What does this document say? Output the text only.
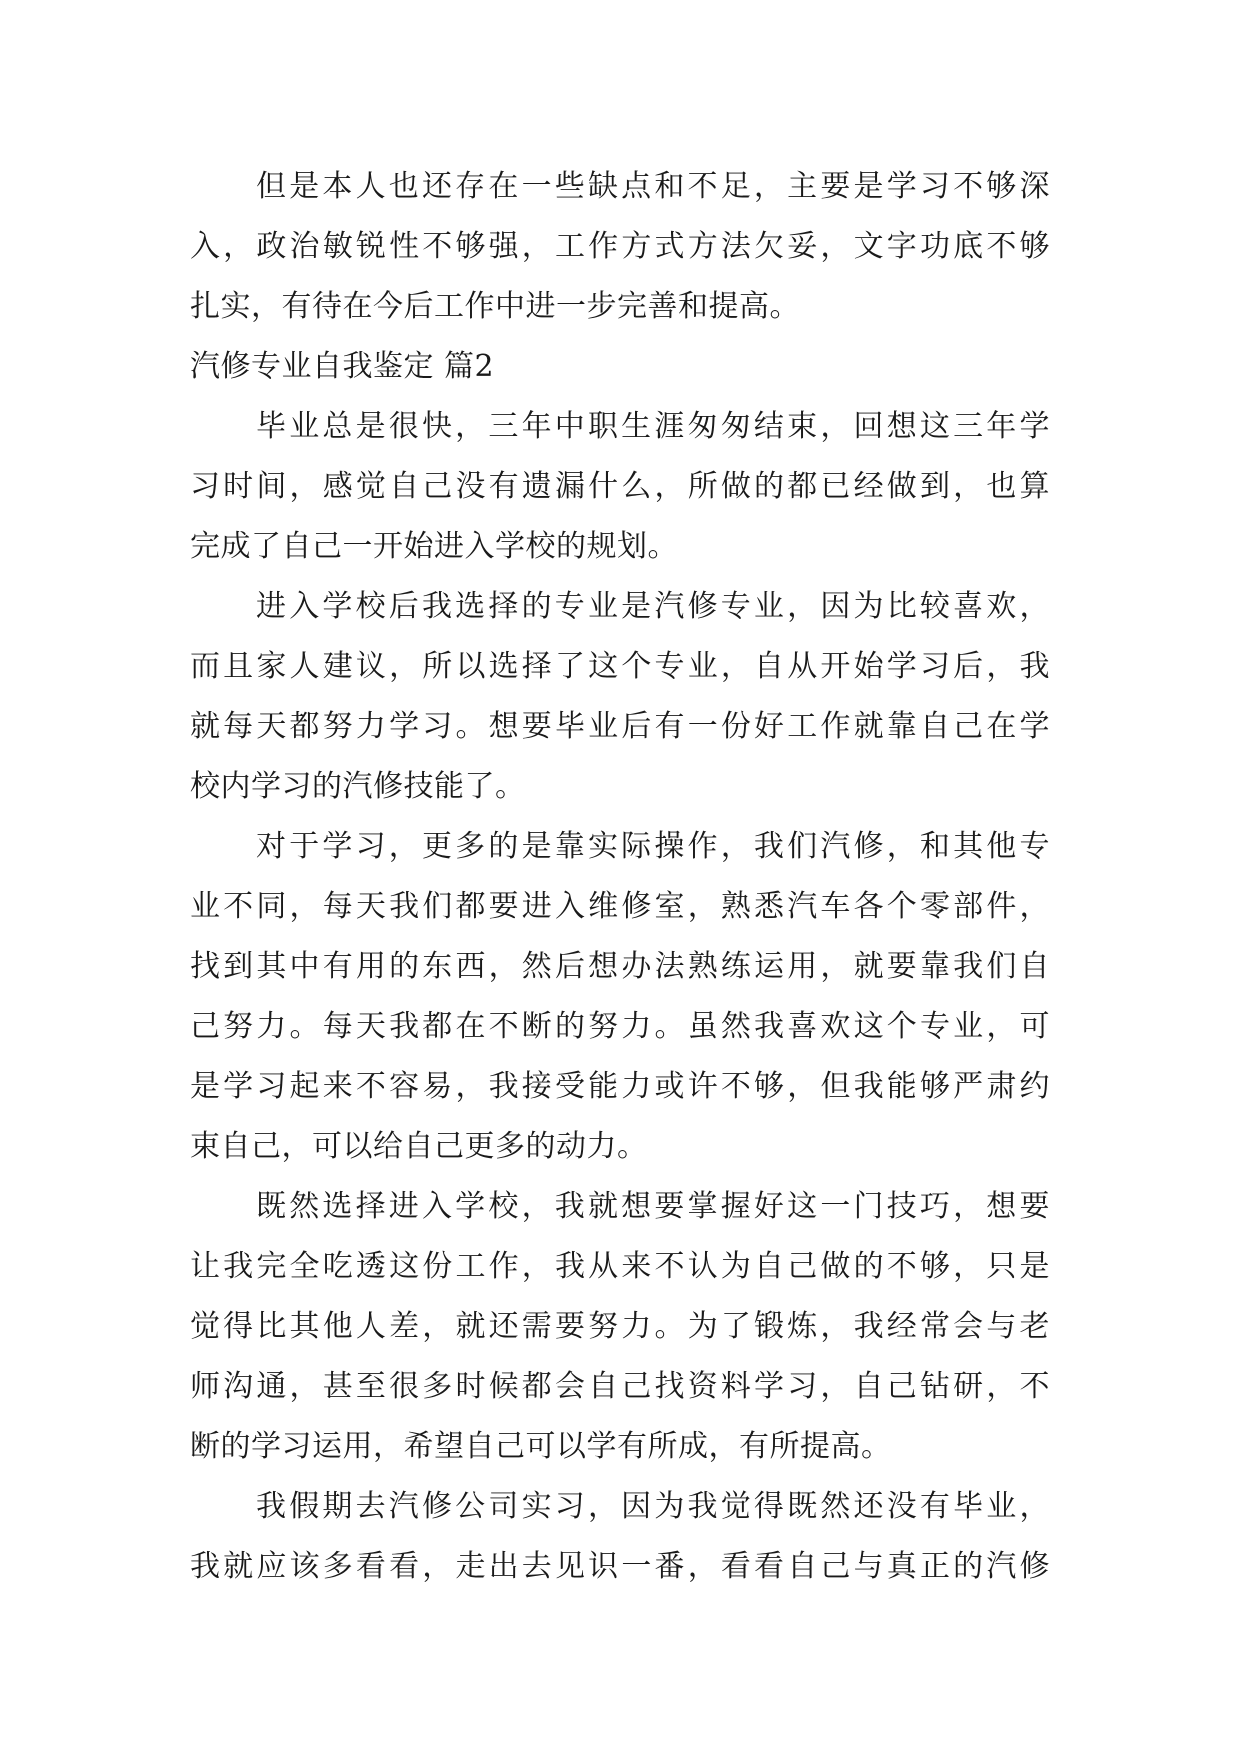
但是本人也还存在一些缺点和不足，主要是学习不够深
入，政治敏锐性不够强，工作方式方法欠妥，文字功底不够
扎实，有待在今后工作中进一步完善和提高。
汽修专业自我鉴定 篇2
毕业总是很快，三年中职生涯匆匆结束，回想这三年学
习时间，感觉自己没有遗漏什么，所做的都已经做到，也算
完成了自己一开始进入学校的规划。
进入学校后我选择的专业是汽修专业，因为比较喜欢，
而且家人建议，所以选择了这个专业，自从开始学习后，我
就每天都努力学习。想要毕业后有一份好工作就靠自己在学
校内学习的汽修技能了。
对于学习，更多的是靠实际操作，我们汽修，和其他专
业不同，每天我们都要进入维修室，熟悉汽车各个零部件，
找到其中有用的东西，然后想办法熟练运用，就要靠我们自
己努力。每天我都在不断的努力。虽然我喜欢这个专业，可
是学习起来不容易，我接受能力或许不够，但我能够严肃约
束自己，可以给自己更多的动力。
既然选择进入学校，我就想要掌握好这一门技巧，想要
让我完全吃透这份工作，我从来不认为自己做的不够，只是
觉得比其他人差，就还需要努力。为了锻炼，我经常会与老
师沟通，甚至很多时候都会自己找资料学习，自己钻研，不
断的学习运用，希望自己可以学有所成，有所提高。
我假期去汽修公司实习，因为我觉得既然还没有毕业，
我就应该多看看，走出去见识一番，看看自己与真正的汽修
